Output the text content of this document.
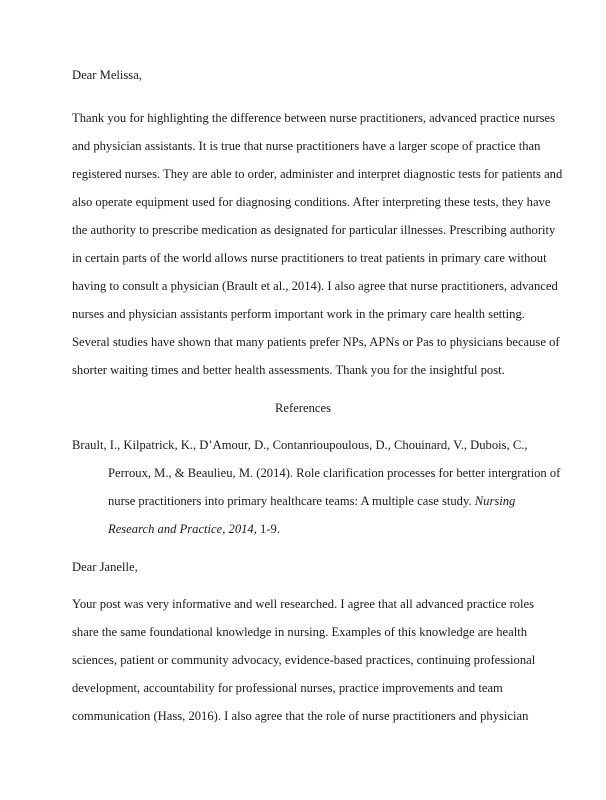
Dear Melissa,
Thank you for highlighting the difference between nurse practitioners, advanced practice nurses
and physician assistants. It is true that nurse practitioners have a larger scope of practice than
registered nurses. They are able to order, administer and interpret diagnostic tests for patients and
also operate equipment used for diagnosing conditions. After interpreting these tests, they have
the authority to prescribe medication as designated for particular illnesses. Prescribing authority
in certain parts of the world allows nurse practitioners to treat patients in primary care without
having to consult a physician (Brault et al., 2014). I also agree that nurse practitioners, advanced
nurses and physician assistants perform important work in the primary care health setting.
Several studies have shown that many patients prefer NPs, APNs or Pas to physicians because of
shorter waiting times and better health assessments. Thank you for the insightful post.
References
Brault, I., Kilpatrick, K., D’Amour, D., Contanrioupoulous, D., Chouinard, V., Dubois, C.,
Perroux, M., & Beaulieu, M. (2014). Role clarification processes for better intergration of
nurse practitioners into primary healthcare teams: A multiple case study. Nursing
Research and Practice, 2014, 1-9.
Dear Janelle,
Your post was very informative and well researched. I agree that all advanced practice roles
share the same foundational knowledge in nursing. Examples of this knowledge are health
sciences, patient or community advocacy, evidence-based practices, continuing professional
development, accountability for professional nurses, practice improvements and team
communication (Hass, 2016). I also agree that the role of nurse practitioners and physician
